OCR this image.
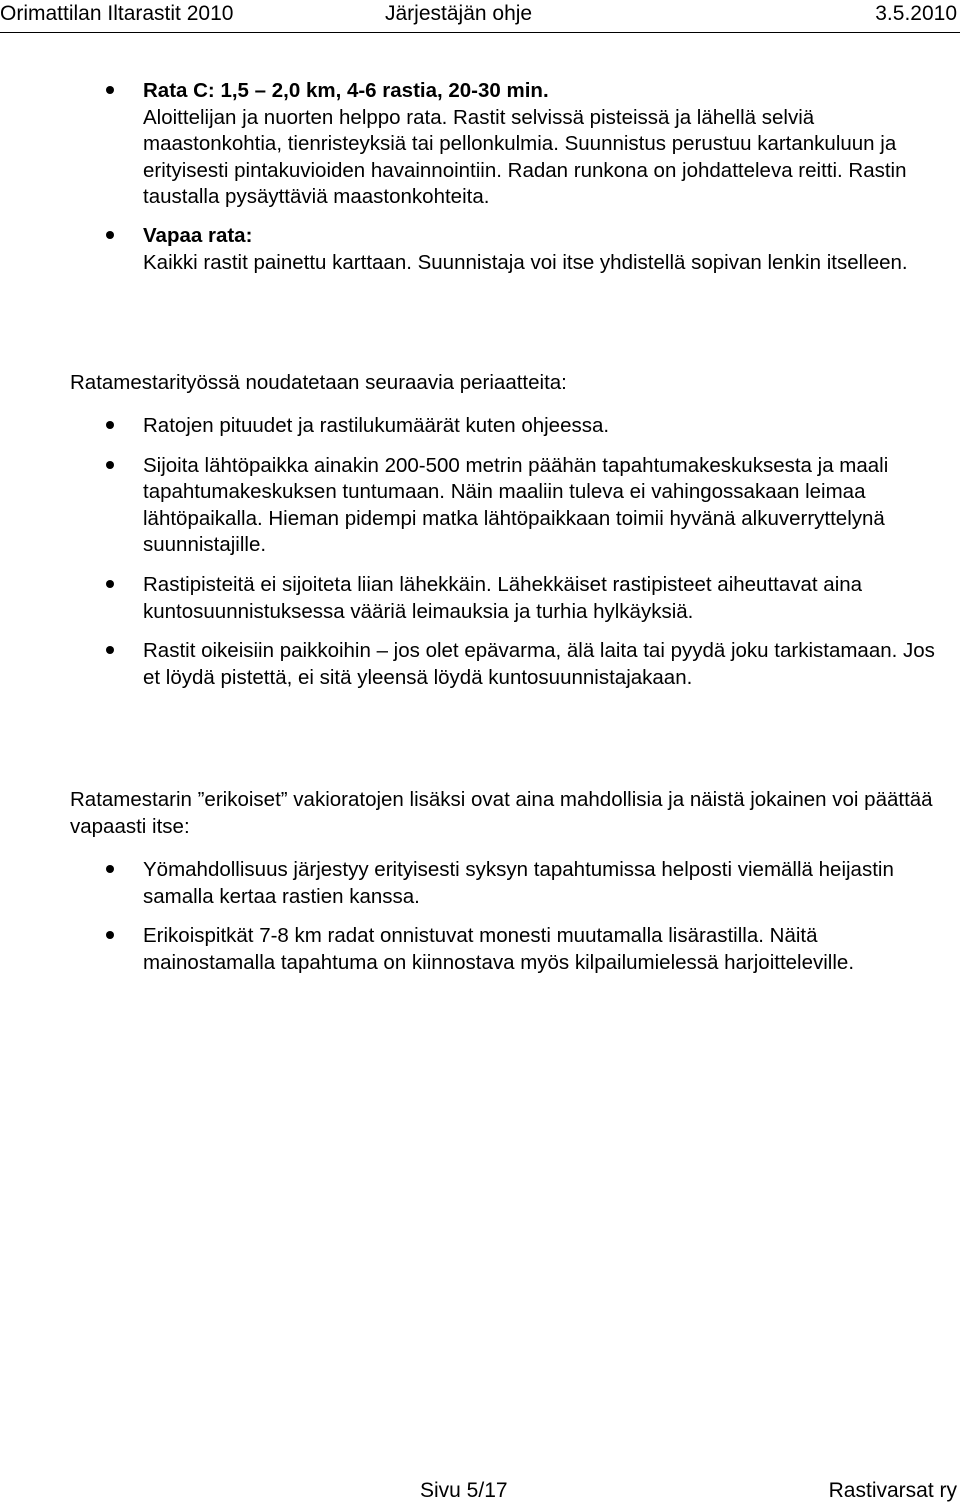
Orimattilan Iltarastit 2010	Järjestäjän ohje	3.5.2010
Rata C: 1,5 – 2,0 km, 4-6 rastia, 20-30 min.
Aloittelijan ja nuorten helppo rata. Rastit selvissä pisteissä ja lähellä selviä maastonkohtia, tienristeyksiä tai pellonkulmia. Suunnistus perustuu kartankuluun ja erityisesti pintakuvioiden havainnointiin. Radan runkona on johdatteleva reitti. Rastin taustalla pysäyttäviä maastonkohteita.
Vapaa rata:
Kaikki rastit painettu karttaan. Suunnistaja voi itse yhdistellä sopivan lenkin itselleen.

Ratamestarityössä noudatetaan seuraavia periaatteita:

Ratojen pituudet ja rastilukumäärät kuten ohjeessa.
Sijoita lähtöpaikka ainakin 200-500 metrin päähän tapahtumakeskuksesta ja maali tapahtumakeskuksen tuntumaan. Näin maaliin tuleva ei vahingossakaan leimaa lähtöpaikalla. Hieman pidempi matka lähtöpaikkaan toimii hyvänä alkuverryttelynä suunnistajille.
Rastipisteitä ei sijoiteta liian lähekkäin. Lähekkäiset rastipisteet aiheuttavat aina kuntosuunnistuksessa vääriä leimauksia ja turhia hylkäyksiä.
Rastit oikeisiin paikkoihin – jos olet epävarma, älä laita tai pyydä joku tarkistamaan. Jos et löydä pistettä, ei sitä yleensä löydä kuntosuunnistajakaan.

Ratamestarin ”erikoiset” vakioratojen lisäksi ovat aina mahdollisia ja näistä jokainen voi päättää vapaasti itse:

Yömahdollisuus järjestyy erityisesti syksyn tapahtumissa helposti viemällä heijastin samalla kertaa rastien kanssa.
Erikoispitkät 7-8 km radat onnistuvat monesti muutamalla lisärastilla. Näitä mainostamalla tapahtuma on kiinnostava myös kilpailumielessä harjoitteleville.
Sivu 5/17	Rastivarsat ry
